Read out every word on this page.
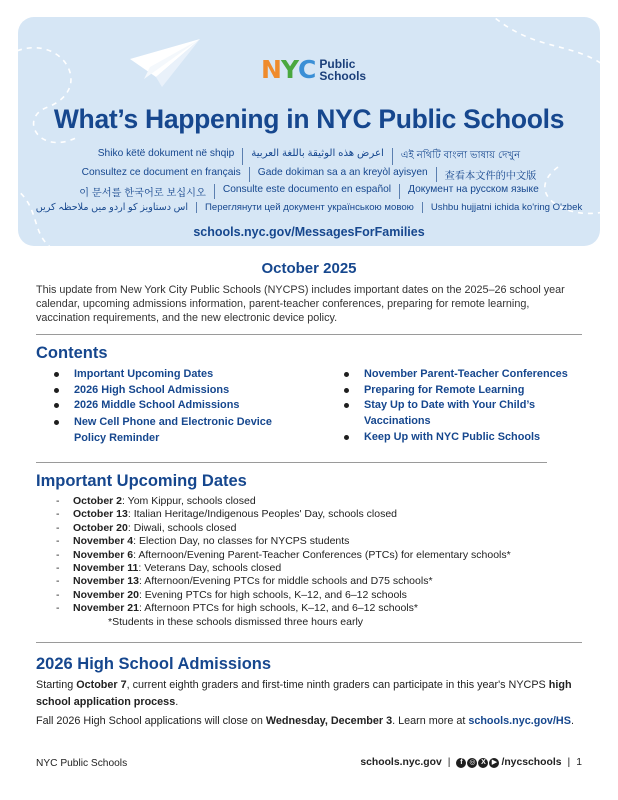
N Y C Public
Schools
What’s Happening in NYC Public Schools
Shiko këtë dokument në shqip	اعرض هذه الوثيقة باللغة العربية	এই নথিটি বাংলা ভাষায় দেখুন
Consultez ce document en français	Gade dokiman sa a an kreyòl ayisyen	查看本文件的中文版
이 문서를 한국어로 보십시오	Consulte este documento en español	Документ на русском языке
اس دستاویز کو اردو میں ملاحظہ کریں	Переглянути цей документ українською мовою	Ushbu hujjatni ichida ko'ring O'zbek
schools.nyc.gov/MessagesForFamilies
October 2025
This update from New York City Public Schools (NYCPS) includes important dates on the 2025–26 school year calendar, upcoming admissions information, parent-teacher conferences, preparing for remote learning, vaccination requirements, and the new electronic device policy.
Contents
Important Upcoming Dates
2026 High School Admissions
2026 Middle School Admissions
New Cell Phone and Electronic Device Policy Reminder
November Parent-Teacher Conferences
Preparing for Remote Learning
Stay Up to Date with Your Child’s Vaccinations
Keep Up with NYC Public Schools
Important Upcoming Dates
- October 2: Yom Kippur, schools closed
- October 13: Italian Heritage/Indigenous Peoples' Day, schools closed
- October 20: Diwali, schools closed
- November 4: Election Day, no classes for NYCPS students
- November 6: Afternoon/Evening Parent-Teacher Conferences (PTCs) for elementary schools*
- November 11: Veterans Day, schools closed
- November 13: Afternoon/Evening PTCs for middle schools and D75 schools*
- November 20: Evening PTCs for high schools, K–12, and 6–12 schools
- November 21: Afternoon PTCs for high schools, K–12, and 6–12 schools*
*Students in these schools dismissed three hours early
2026 High School Admissions

Starting October 7, current eighth graders and first-time ninth graders can participate in this year's NYCPS high school application process.

Fall 2026 High School applications will close on Wednesday, December 3. Learn more at schools.nyc.gov/HS.

NYC Public Schools	schools.nyc.gov |	f ◎ X ▶ /nycschools | 1
